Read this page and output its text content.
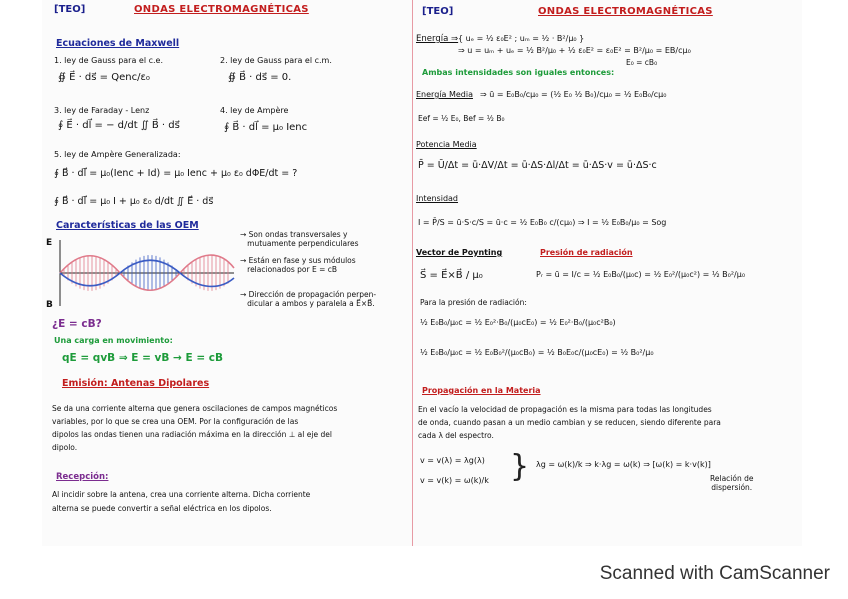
[TEO]	ONDAS ELECTROMAGNÉTICAS
Ecuaciones de Maxwell
1. ley de Gauss para el c.e.
∯ E⃗ · ds⃗ = Qenc/ε₀
2. ley de Gauss para el c.m.
∯ B⃗ · ds⃗ = 0.
3. ley de Faraday - Lenz
∮ E⃗ · dl⃗ = − d/dt ∬ B⃗ · ds⃗
4. ley de Ampère
∮ B⃗ · dl⃗ = μ₀ Ienc
5. ley de Ampère Generalizada:
∮ B⃗ · dl⃗ = μ₀(Ienc + Id) = μ₀ Ienc + μ₀ ε₀ dΦE/dt = ?
∮ B⃗ · dl⃗ = μ₀ I + μ₀ ε₀ d/dt ∬ E⃗ · ds⃗
Características de las OEM
E
B
→ Son ondas transversales y
mutuamente perpendiculares
→ Están en fase y sus módulos
relacionados por E = cB
→ Dirección de propagación perpen-
dicular a ambos y paralela a E⃗×B⃗.
¿E = cB?
Una carga en movimiento:
qE = qvB ⇒ E = vB → E = cB
Emisión: Antenas Dipolares
Se da una corriente alterna que genera oscilaciones de campos magnéticos
variables, por lo que se crea una OEM. Por la configuración de las
dipolos las ondas tienen una radiación máxima en la dirección ⊥ al eje del
dipolo.
Recepción:
Al incidir sobre la antena, crea una corriente alterna. Dicha corriente
alterna se puede convertir a señal eléctrica en los dipolos.
[TEO]	ONDAS ELECTROMAGNÉTICAS
Energía ⇒ { uₑ = ½ ε₀E² ; uₘ = ½ · B²/μ₀ }
⇒ u = uₘ + uₑ = ½ B²/μ₀ + ½ ε₀E² = ε₀E² = B²/μ₀ = EB/cμ₀
E₀ = cB₀
Ambas intensidades son iguales entonces:
Energía Media ⇒ ū = E₀B₀/cμ₀ = (½ E₀ ½ B₀)/cμ₀ = ½ E₀B₀/cμ₀
Eef = ½ E₀, Bef = ½ B₀
Potencia Media
P̄ = Ū/Δt = ū·ΔV/Δt = ū·ΔS·Δl/Δt = ū·ΔS·v = ū·ΔS·c
Intensidad
I = P̄/S = ū·S·c/S = ū·c = ½ E₀B₀ c/(cμ₀) ⇒ I = ½ E₀B₀/μ₀ = Sog
Vector de Poynting	Presión de radiación
S⃗ = E⃗×B⃗ / μ₀	Pᵣ = ū = I/c = ½ E₀B₀/(μ₀c) = ½ E₀²/(μ₀c²) = ½ B₀²/μ₀
Para la presión de radiación:
½ E₀B₀/μ₀c = ½ E₀²·B₀/(μ₀cE₀) = ½ E₀²·B₀/(μ₀c²B₀)
½ E₀B₀/μ₀c = ½ E₀B₀²/(μ₀cB₀) = ½ B₀E₀c/(μ₀cE₀) = ½ B₀²/μ₀
Propagación en la Materia
En el vacío la velocidad de propagación es la misma para todas las longitudes
de onda, cuando pasan a un medio cambian y se reducen, siendo diferente para
cada λ del espectro.
v = v(λ) = λg(λ)
v = v(k) = ω(k)/k } λg = ω(k)/k ⇒ k·λg = ω(k) ⇒ [ω(k) = k·v(k)]
Relación de
dispersión.
Scanned with CamScanner
